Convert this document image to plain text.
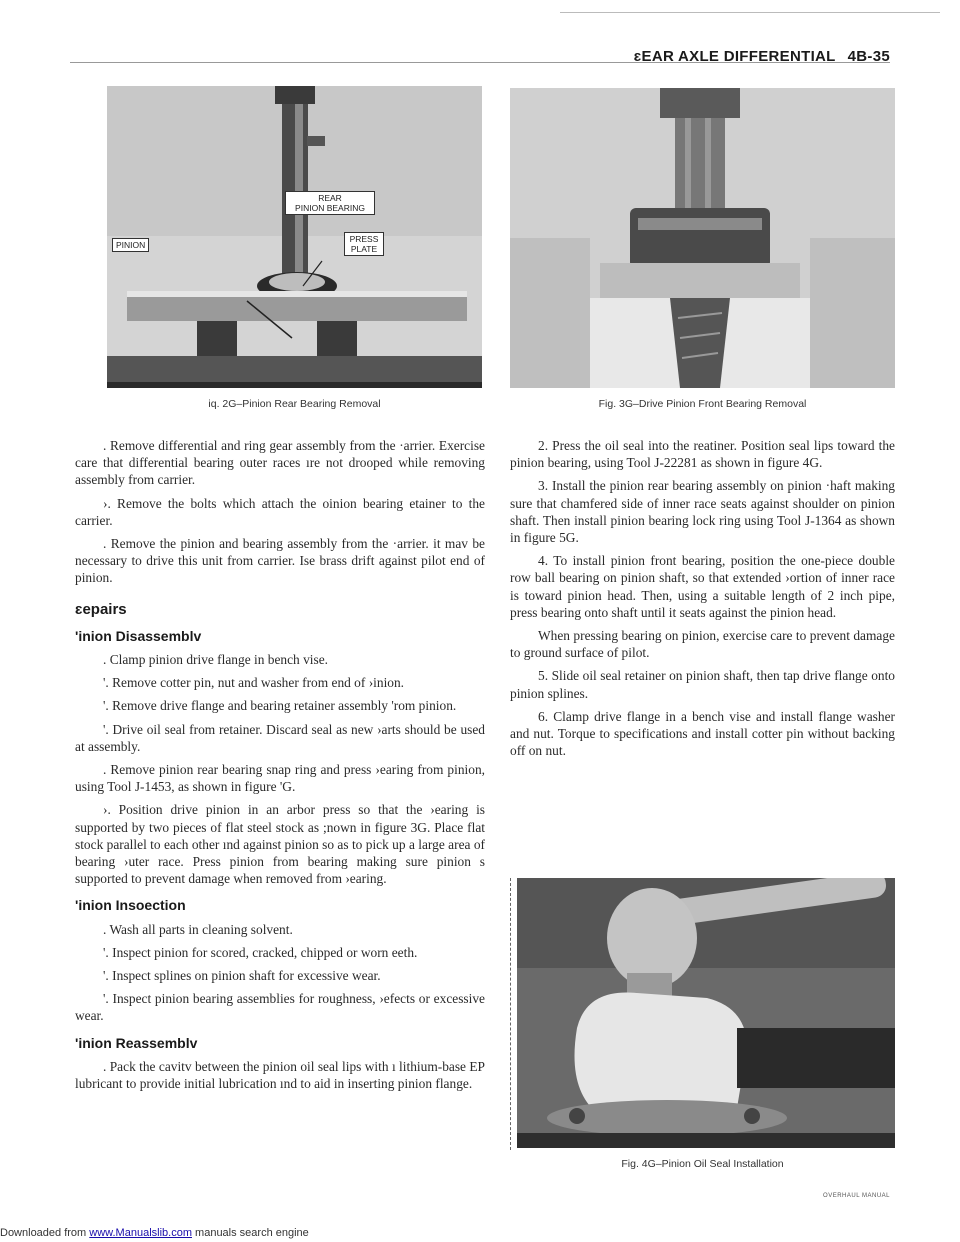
ɛEAR AXLE DIFFERENTIAL 4B-35
REAR
PINION BEARING
PINION
PRESS
PLATE
iq. 2G–Pinion Rear Bearing Removal	Fig. 3G–Drive Pinion Front Bearing Removal

. Remove differential and ring gear assembly from the ·arrier. Exercise care that differential bearing outer races ıre not drooped while removing assembly from carrier.

›. Remove the bolts which attach the oinion bearing etainer to the carrier.

. Remove the pinion and bearing assembly from the ·arrier. it mav be necessary to drive this unit from carrier. Ise brass drift against pilot end of pinion.

ɛepairs
'inion Disassemblv

. Clamp pinion drive flange in bench vise.

'. Remove cotter pin, nut and washer from end of ›inion.

'. Remove drive flange and bearing retainer assembly 'rom pinion.

'. Drive oil seal from retainer. Discard seal as new ›arts should be used at assembly.

. Remove pinion rear bearing snap ring and press ›earing from pinion, using Tool J-1453, as shown in figure 'G.

›. Position drive pinion in an arbor press so that the ›earing is supported by two pieces of flat steel stock as ;nown in figure 3G. Place flat stock parallel to each other ınd against pinion so as to pick up a large area of bearing ›uter race. Press pinion from bearing making sure pinion s supported to prevent damage when removed from ›earing.

'inion Insoection

. Wash all parts in cleaning solvent.

'. Inspect pinion for scored, cracked, chipped or worn eeth.

'. Inspect splines on pinion shaft for excessive wear.

'. Inspect pinion bearing assemblies for roughness, ›efects or excessive wear.

'inion Reassemblv

. Pack the cavitv between the pinion oil seal lips with ı lithium-base EP lubricant to provide initial lubrication ınd to aid in inserting pinion flange.

2. Press the oil seal into the reatiner. Position seal lips toward the pinion bearing, using Tool J-22281 as shown in figure 4G.

3. Install the pinion rear bearing assembly on pinion ·haft making sure that chamfered side of inner race seats against shoulder on pinion shaft. Then install pinion bearing lock ring using Tool J-1364 as shown in figure 5G.

4. To install pinion front bearing, position the one-piece double row ball bearing on pinion shaft, so that extended ›ortion of inner race is toward pinion head. Then, using a suitable length of 2 inch pipe, press bearing onto shaft until it seats against the pinion head.

When pressing bearing on pinion, exercise care to prevent damage to ground surface of pilot.

5. Slide oil seal retainer on pinion shaft, then tap drive flange onto pinion splines.

6. Clamp drive flange in a bench vise and install flange washer and nut. Torque to specifications and install cotter pin without backing off on nut.

Fig. 4G–Pinion Oil Seal Installation
OVERHAUL MANUAL
Downloaded from www.Manualslib.com manuals search engine
